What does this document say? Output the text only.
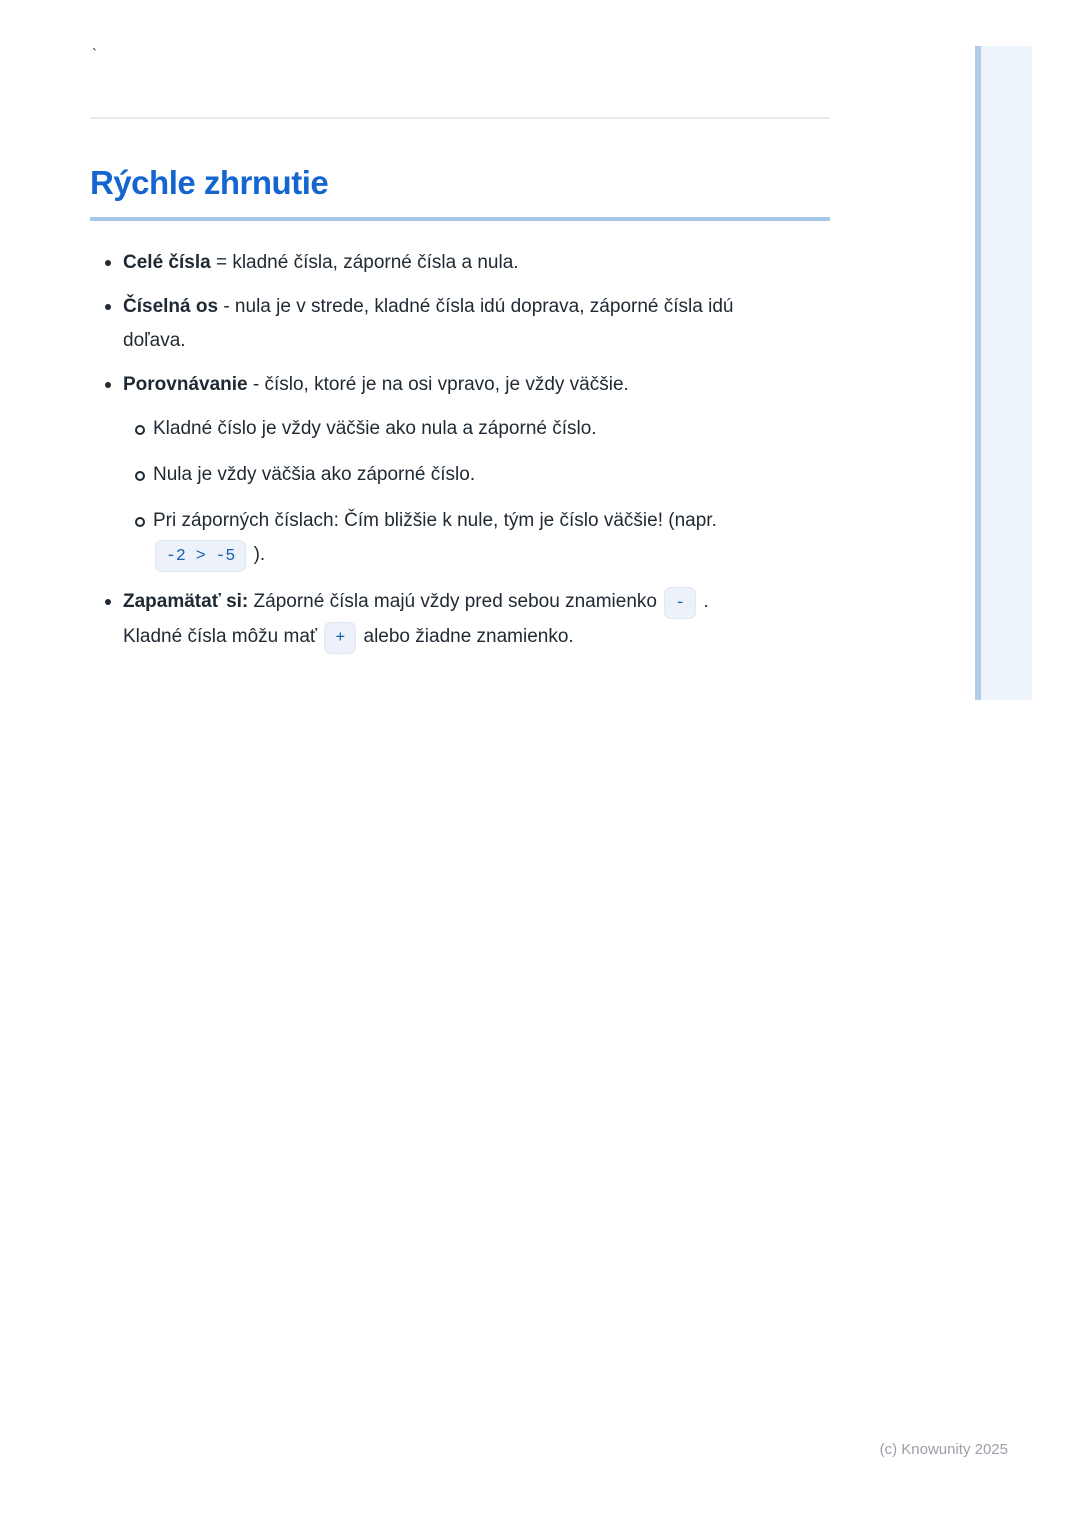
`
Rýchle zhrnutie
Celé čísla = kladné čísla, záporné čísla a nula.
Číselná os - nula je v strede, kladné čísla idú doprava, záporné čísla idú
doľava.
Porovnávanie - číslo, ktoré je na osi vpravo, je vždy väčšie.
Kladné číslo je vždy väčšie ako nula a záporné číslo.
Nula je vždy väčšia ako záporné číslo.
Pri záporných číslach: Čím bližšie k nule, tým je číslo väčšie! (napr.
-2 > -5 ).
Zapamätať si: Záporné čísla majú vždy pred sebou znamienko - .
Kladné čísla môžu mať + alebo žiadne znamienko.
(c) Knowunity 2025
